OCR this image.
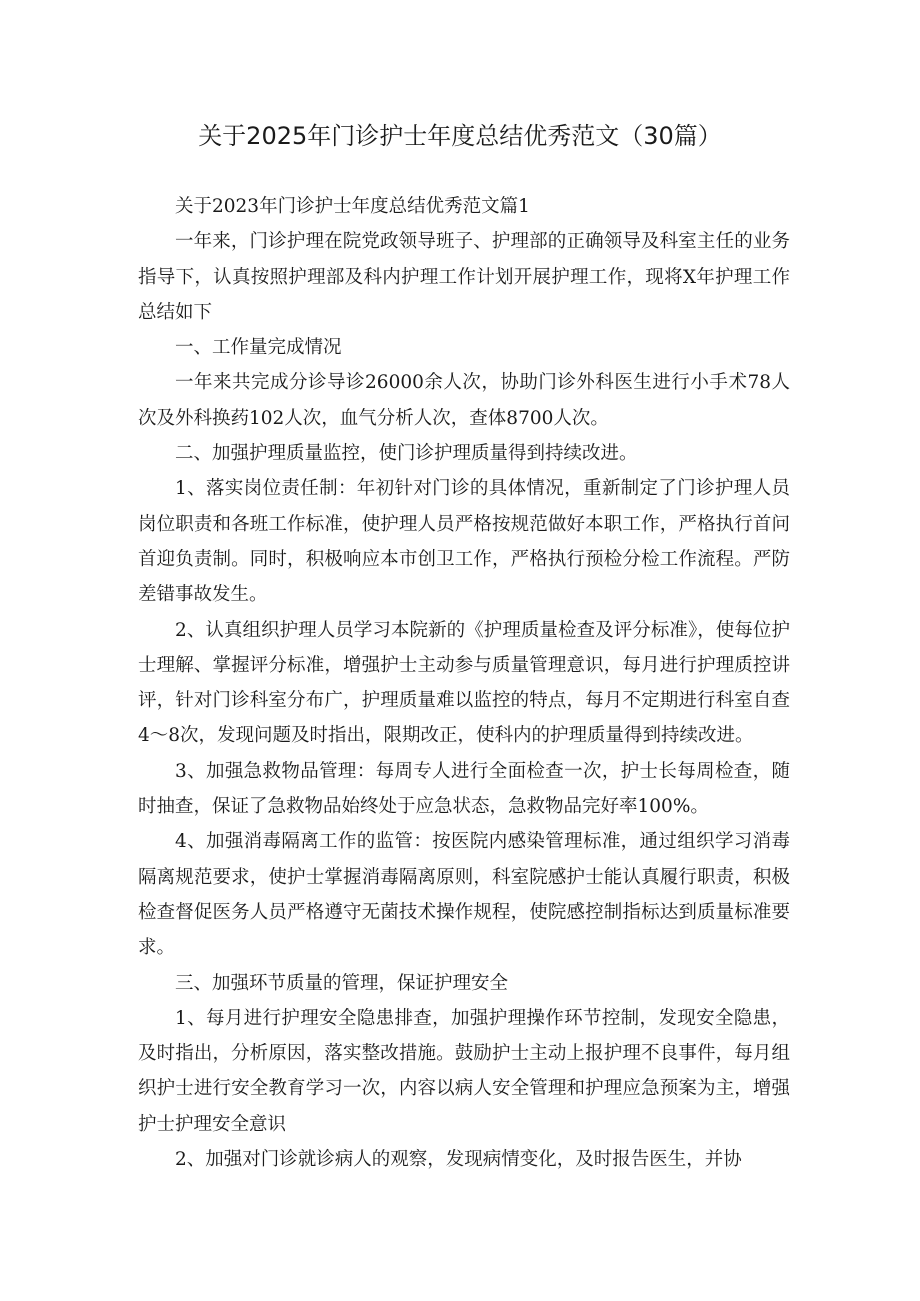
关于2025年门诊护士年度总结优秀范文（30篇）

关于2023年门诊护士年度总结优秀范文篇1

一年来，门诊护理在院党政领导班子、护理部的正确领导及科室主任的业务指导下，认真按照护理部及科内护理工作计划开展护理工作，现将X年护理工作总结如下

一、工作量完成情况

一年来共完成分诊导诊26000余人次，协助门诊外科医生进行小手术78人次及外科换药102人次，血气分析人次，查体8700人次。

二、加强护理质量监控，使门诊护理质量得到持续改进。

1、落实岗位责任制：年初针对门诊的具体情况，重新制定了门诊护理人员岗位职责和各班工作标准，使护理人员严格按规范做好本职工作，严格执行首问首迎负责制。同时，积极响应本市创卫工作，严格执行预检分检工作流程。严防差错事故发生。

2、认真组织护理人员学习本院新的《护理质量检查及评分标准》，使每位护士理解、掌握评分标准，增强护士主动参与质量管理意识，每月进行护理质控讲评，针对门诊科室分布广，护理质量难以监控的特点，每月不定期进行科室自查4～8次，发现问题及时指出，限期改正，使科内的护理质量得到持续改进。

3、加强急救物品管理：每周专人进行全面检查一次，护士长每周检查，随时抽查，保证了急救物品始终处于应急状态，急救物品完好率100%。

4、加强消毒隔离工作的监管：按医院内感染管理标准，通过组织学习消毒隔离规范要求，使护士掌握消毒隔离原则，科室院感护士能认真履行职责，积极检查督促医务人员严格遵守无菌技术操作规程，使院感控制指标达到质量标准要求。

三、加强环节质量的管理，保证护理安全

1、每月进行护理安全隐患排查，加强护理操作环节控制，发现安全隐患，及时指出，分析原因，落实整改措施。鼓励护士主动上报护理不良事件，每月组织护士进行安全教育学习一次，内容以病人安全管理和护理应急预案为主，增强护士护理安全意识

2、加强对门诊就诊病人的观察，发现病情变化，及时报告医生，并协
